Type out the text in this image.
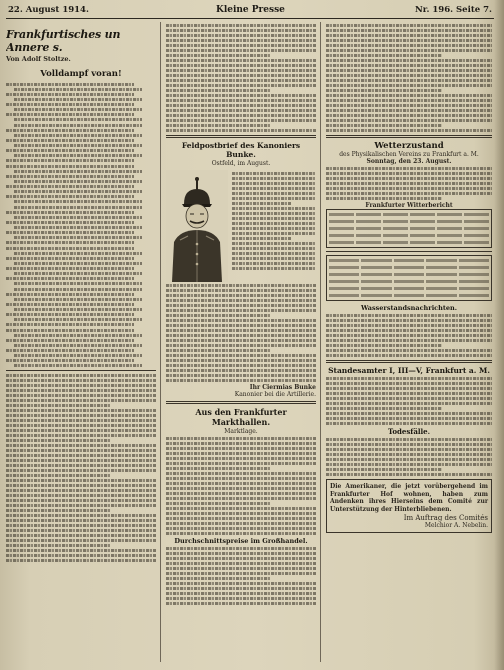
22. August 1914.	Kleine Presse	Nr. 196. Seite 7.
Frankfurtisches un Annere s.
Von Adolf Stoltze.
Volldampf voran!
Feldpostbrief des Kanoniers Bunke.
Ostfeld, im August.
Ihr Ciermias Bunke
Kanonier bei die Artillerie.
Aus den Frankfurter Markthallen.
Marktlage.
Durchschnittspreise im Großhandel.
Wetterzustand
des Physikalischen Vereins zu Frankfurt a. M.
Sonntag, den 23. August.
Frankfurter Witterbericht
Wasserstandsnachrichten.
Standesamter I, III—V, Frankfurt a. M.
Todesfälle.
Die Amerikaner, die jetzt vorübergehend im Frankfurter Hof wohnen, haben zum Andenken ihres Hierseins dem Comité zur Unterstützung der Hinterbliebenen.
Im Auftrag des Comités
Melchior A. Nebelin.
